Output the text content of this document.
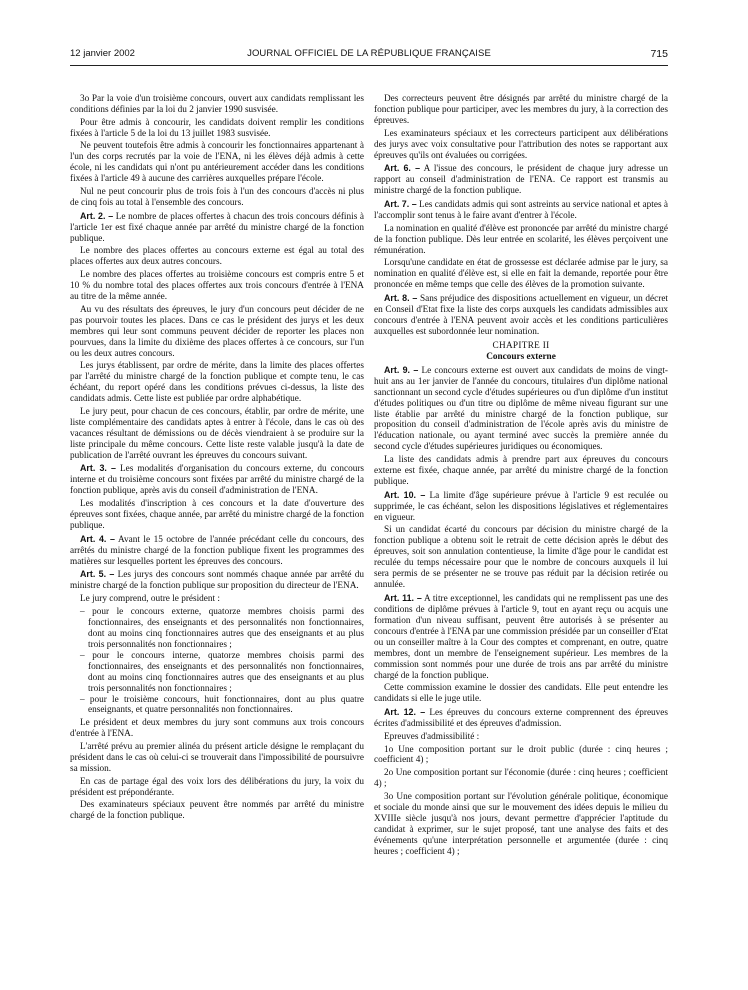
12 janvier 2002	JOURNAL OFFICIEL DE LA RÉPUBLIQUE FRANÇAISE	715

3o Par la voie d'un troisième concours, ouvert aux candidats remplissant les conditions définies par la loi du 2 janvier 1990 susvisée.

Pour être admis à concourir, les candidats doivent remplir les conditions fixées à l'article 5 de la loi du 13 juillet 1983 susvisée.

Ne peuvent toutefois être admis à concourir les fonctionnaires appartenant à l'un des corps recrutés par la voie de l'ENA, ni les élèves déjà admis à cette école, ni les candidats qui n'ont pu antérieurement accéder dans les conditions fixées à l'article 49 à aucune des carrières auxquelles prépare l'école.

Nul ne peut concourir plus de trois fois à l'un des concours d'accès ni plus de cinq fois au total à l'ensemble des concours.

Art. 2. – Le nombre de places offertes à chacun des trois concours définis à l'article 1er est fixé chaque année par arrêté du ministre chargé de la fonction publique.

Le nombre des places offertes au concours externe est égal au total des places offertes aux deux autres concours.

Le nombre des places offertes au troisième concours est compris entre 5 et 10 % du nombre total des places offertes aux trois concours d'entrée à l'ENA au titre de la même année.

Au vu des résultats des épreuves, le jury d'un concours peut décider de ne pas pourvoir toutes les places. Dans ce cas le président des jurys et les deux membres qui leur sont communs peuvent décider de reporter les places non pourvues, dans la limite du dixième des places offertes à ce concours, sur l'un ou les deux autres concours.

Les jurys établissent, par ordre de mérite, dans la limite des places offertes par l'arrêté du ministre chargé de la fonction publique et compte tenu, le cas échéant, du report opéré dans les conditions prévues ci-dessus, la liste des candidats admis. Cette liste est publiée par ordre alphabétique.

Le jury peut, pour chacun de ces concours, établir, par ordre de mérite, une liste complémentaire des candidats aptes à entrer à l'école, dans le cas où des vacances résultant de démissions ou de décès viendraient à se produire sur la liste principale du même concours. Cette liste reste valable jusqu'à la date de publication de l'arrêté ouvrant les épreuves du concours suivant.

Art. 3. – Les modalités d'organisation du concours externe, du concours interne et du troisième concours sont fixées par arrêté du ministre chargé de la fonction publique, après avis du conseil d'administration de l'ENA.

Les modalités d'inscription à ces concours et la date d'ouverture des épreuves sont fixées, chaque année, par arrêté du ministre chargé de la fonction publique.

Art. 4. – Avant le 15 octobre de l'année précédant celle du concours, des arrêtés du ministre chargé de la fonction publique fixent les programmes des matières sur lesquelles portent les épreuves des concours.

Art. 5. – Les jurys des concours sont nommés chaque année par arrêté du ministre chargé de la fonction publique sur proposition du directeur de l'ENA.

Le jury comprend, outre le président :

– pour le concours externe, quatorze membres choisis parmi des fonctionnaires, des enseignants et des personnalités non fonctionnaires, dont au moins cinq fonctionnaires autres que des enseignants et au plus trois personnalités non fonctionnaires ;
– pour le concours interne, quatorze membres choisis parmi des fonctionnaires, des enseignants et des personnalités non fonctionnaires, dont au moins cinq fonctionnaires autres que des enseignants et au plus trois personnalités non fonctionnaires ;
– pour le troisième concours, huit fonctionnaires, dont au plus quatre enseignants, et quatre personnalités non fonctionnaires.

Le président et deux membres du jury sont communs aux trois concours d'entrée à l'ENA.

L'arrêté prévu au premier alinéa du présent article désigne le remplaçant du président dans le cas où celui-ci se trouverait dans l'impossibilité de poursuivre sa mission.

En cas de partage égal des voix lors des délibérations du jury, la voix du président est prépondérante.

Des examinateurs spéciaux peuvent être nommés par arrêté du ministre chargé de la fonction publique.

Des correcteurs peuvent être désignés par arrêté du ministre chargé de la fonction publique pour participer, avec les membres du jury, à la correction des épreuves.

Les examinateurs spéciaux et les correcteurs participent aux délibérations des jurys avec voix consultative pour l'attribution des notes se rapportant aux épreuves qu'ils ont évaluées ou corrigées.

Art. 6. – A l'issue des concours, le président de chaque jury adresse un rapport au conseil d'administration de l'ENA. Ce rapport est transmis au ministre chargé de la fonction publique.

Art. 7. – Les candidats admis qui sont astreints au service national et aptes à l'accomplir sont tenus à le faire avant d'entrer à l'école.

La nomination en qualité d'élève est prononcée par arrêté du ministre chargé de la fonction publique. Dès leur entrée en scolarité, les élèves perçoivent une rémunération.

Lorsqu'une candidate en état de grossesse est déclarée admise par le jury, sa nomination en qualité d'élève est, si elle en fait la demande, reportée pour être prononcée en même temps que celle des élèves de la promotion suivante.

Art. 8. – Sans préjudice des dispositions actuellement en vigueur, un décret en Conseil d'Etat fixe la liste des corps auxquels les candidats admissibles aux concours d'entrée à l'ENA peuvent avoir accès et les conditions particulières auxquelles est subordonnée leur nomination.

CHAPITRE II

Concours externe

Art. 9. – Le concours externe est ouvert aux candidats de moins de vingt-huit ans au 1er janvier de l'année du concours, titulaires d'un diplôme national sanctionnant un second cycle d'études supérieures ou d'un diplôme d'un institut d'études politiques ou d'un titre ou diplôme de même niveau figurant sur une liste établie par arrêté du ministre chargé de la fonction publique, sur proposition du conseil d'administration de l'école après avis du ministre de l'éducation nationale, ou ayant terminé avec succès la première année du second cycle d'études supérieures juridiques ou économiques.

La liste des candidats admis à prendre part aux épreuves du concours externe est fixée, chaque année, par arrêté du ministre chargé de la fonction publique.

Art. 10. – La limite d'âge supérieure prévue à l'article 9 est reculée ou supprimée, le cas échéant, selon les dispositions législatives et réglementaires en vigueur.

Si un candidat écarté du concours par décision du ministre chargé de la fonction publique a obtenu soit le retrait de cette décision après le début des épreuves, soit son annulation contentieuse, la limite d'âge pour le candidat est reculée du temps nécessaire pour que le nombre de concours auxquels il lui sera permis de se présenter ne se trouve pas réduit par la décision retirée ou annulée.

Art. 11. – A titre exceptionnel, les candidats qui ne remplissent pas une des conditions de diplôme prévues à l'article 9, tout en ayant reçu ou acquis une formation d'un niveau suffisant, peuvent être autorisés à se présenter au concours d'entrée à l'ENA par une commission présidée par un conseiller d'Etat ou un conseiller maître à la Cour des comptes et comprenant, en outre, quatre membres, dont un membre de l'enseignement supérieur. Les membres de la commission sont nommés pour une durée de trois ans par arrêté du ministre chargé de la fonction publique.

Cette commission examine le dossier des candidats. Elle peut entendre les candidats si elle le juge utile.

Art. 12. – Les épreuves du concours externe comprennent des épreuves écrites d'admissibilité et des épreuves d'admission.

Epreuves d'admissibilité :

1o Une composition portant sur le droit public (durée : cinq heures ; coefficient 4) ;

2o Une composition portant sur l'économie (durée : cinq heures ; coefficient 4) ;

3o Une composition portant sur l'évolution générale politique, économique et sociale du monde ainsi que sur le mouvement des idées depuis le milieu du XVIIIe siècle jusqu'à nos jours, devant permettre d'apprécier l'aptitude du candidat à exprimer, sur le sujet proposé, tant une analyse des faits et des événements qu'une interprétation personnelle et argumentée (durée : cinq heures ; coefficient 4) ;
